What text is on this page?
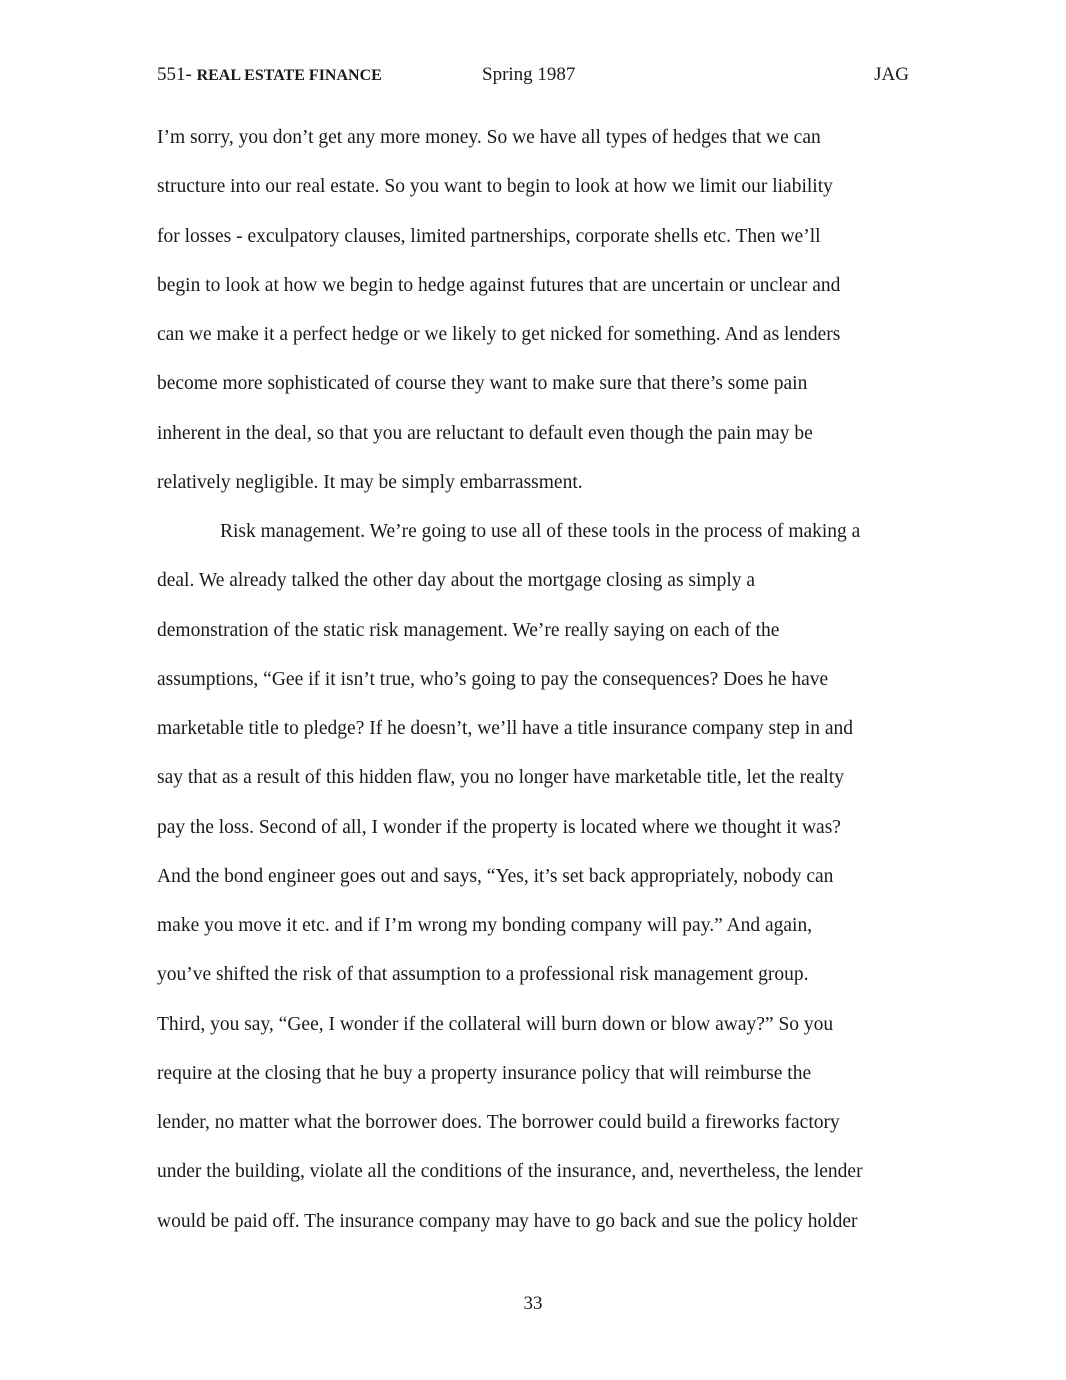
551- REAL ESTATE FINANCE	Spring 1987	JAG
I’m sorry, you don’t get any more money. So we have all types of hedges that we can
structure into our real estate. So you want to begin to look at how we limit our liability
for losses - exculpatory clauses, limited partnerships, corporate shells etc. Then we’ll
begin to look at how we begin to hedge against futures that are uncertain or unclear and
can we make it a perfect hedge or we likely to get nicked for something. And as lenders
become more sophisticated of course they want to make sure that there’s some pain
inherent in the deal, so that you are reluctant to default even though the pain may be
relatively negligible. It may be simply embarrassment.
Risk management. We’re going to use all of these tools in the process of making a
deal. We already talked the other day about the mortgage closing as simply a
demonstration of the static risk management. We’re really saying on each of the
assumptions, “Gee if it isn’t true, who’s going to pay the consequences? Does he have
marketable title to pledge? If he doesn’t, we’ll have a title insurance company step in and
say that as a result of this hidden flaw, you no longer have marketable title, let the realty
pay the loss. Second of all, I wonder if the property is located where we thought it was?
And the bond engineer goes out and says, “Yes, it’s set back appropriately, nobody can
make you move it etc. and if I’m wrong my bonding company will pay.” And again,
you’ve shifted the risk of that assumption to a professional risk management group.
Third, you say, “Gee, I wonder if the collateral will burn down or blow away?” So you
require at the closing that he buy a property insurance policy that will reimburse the
lender, no matter what the borrower does. The borrower could build a fireworks factory
under the building, violate all the conditions of the insurance, and, nevertheless, the lender
would be paid off. The insurance company may have to go back and sue the policy holder
33
